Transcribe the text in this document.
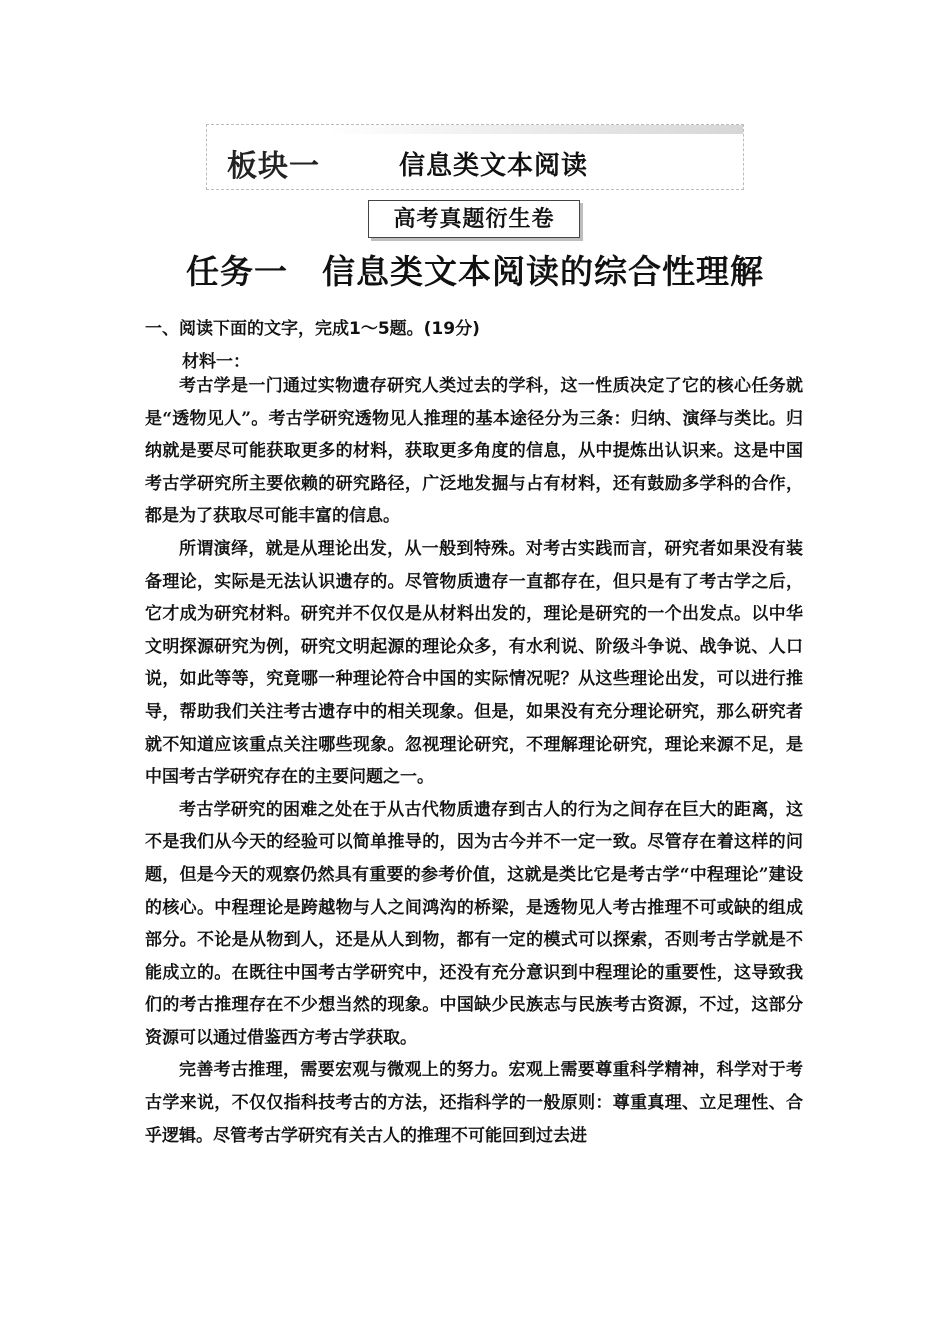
板块一	信息类文本阅读
高考真题衍生卷
任务一　信息类文本阅读的综合性理解
一、阅读下面的文字，完成1～5题。(19分)
材料一：

考古学是一门通过实物遗存研究人类过去的学科，这一性质决定了它的核心任务就是“透物见人”。考古学研究透物见人推理的基本途径分为三条：归纳、演绎与类比。归纳就是要尽可能获取更多的材料，获取更多角度的信息，从中提炼出认识来。这是中国考古学研究所主要依赖的研究路径，广泛地发掘与占有材料，还有鼓励多学科的合作，都是为了获取尽可能丰富的信息。

所谓演绎，就是从理论出发，从一般到特殊。对考古实践而言，研究者如果没有装备理论，实际是无法认识遗存的。尽管物质遗存一直都存在，但只是有了考古学之后，它才成为研究材料。研究并不仅仅是从材料出发的，理论是研究的一个出发点。以中华文明探源研究为例，研究文明起源的理论众多，有水利说、阶级斗争说、战争说、人口说，如此等等，究竟哪一种理论符合中国的实际情况呢？从这些理论出发，可以进行推导，帮助我们关注考古遗存中的相关现象。但是，如果没有充分理论研究，那么研究者就不知道应该重点关注哪些现象。忽视理论研究，不理解理论研究，理论来源不足，是中国考古学研究存在的主要问题之一。

考古学研究的困难之处在于从古代物质遗存到古人的行为之间存在巨大的距离，这不是我们从今天的经验可以简单推导的，因为古今并不一定一致。尽管存在着这样的问题，但是今天的观察仍然具有重要的参考价值，这就是类比它是考古学“中程理论”建设的核心。中程理论是跨越物与人之间鸿沟的桥梁，是透物见人考古推理不可或缺的组成部分。不论是从物到人，还是从人到物，都有一定的模式可以探索，否则考古学就是不能成立的。在既往中国考古学研究中，还没有充分意识到中程理论的重要性，这导致我们的考古推理存在不少想当然的现象。中国缺少民族志与民族考古资源，不过，这部分资源可以通过借鉴西方考古学获取。

完善考古推理，需要宏观与微观上的努力。宏观上需要尊重科学精神，科学对于考古学来说，不仅仅指科技考古的方法，还指科学的一般原则：尊重真理、立足理性、合乎逻辑。尽管考古学研究有关古人的推理不可能回到过去进
